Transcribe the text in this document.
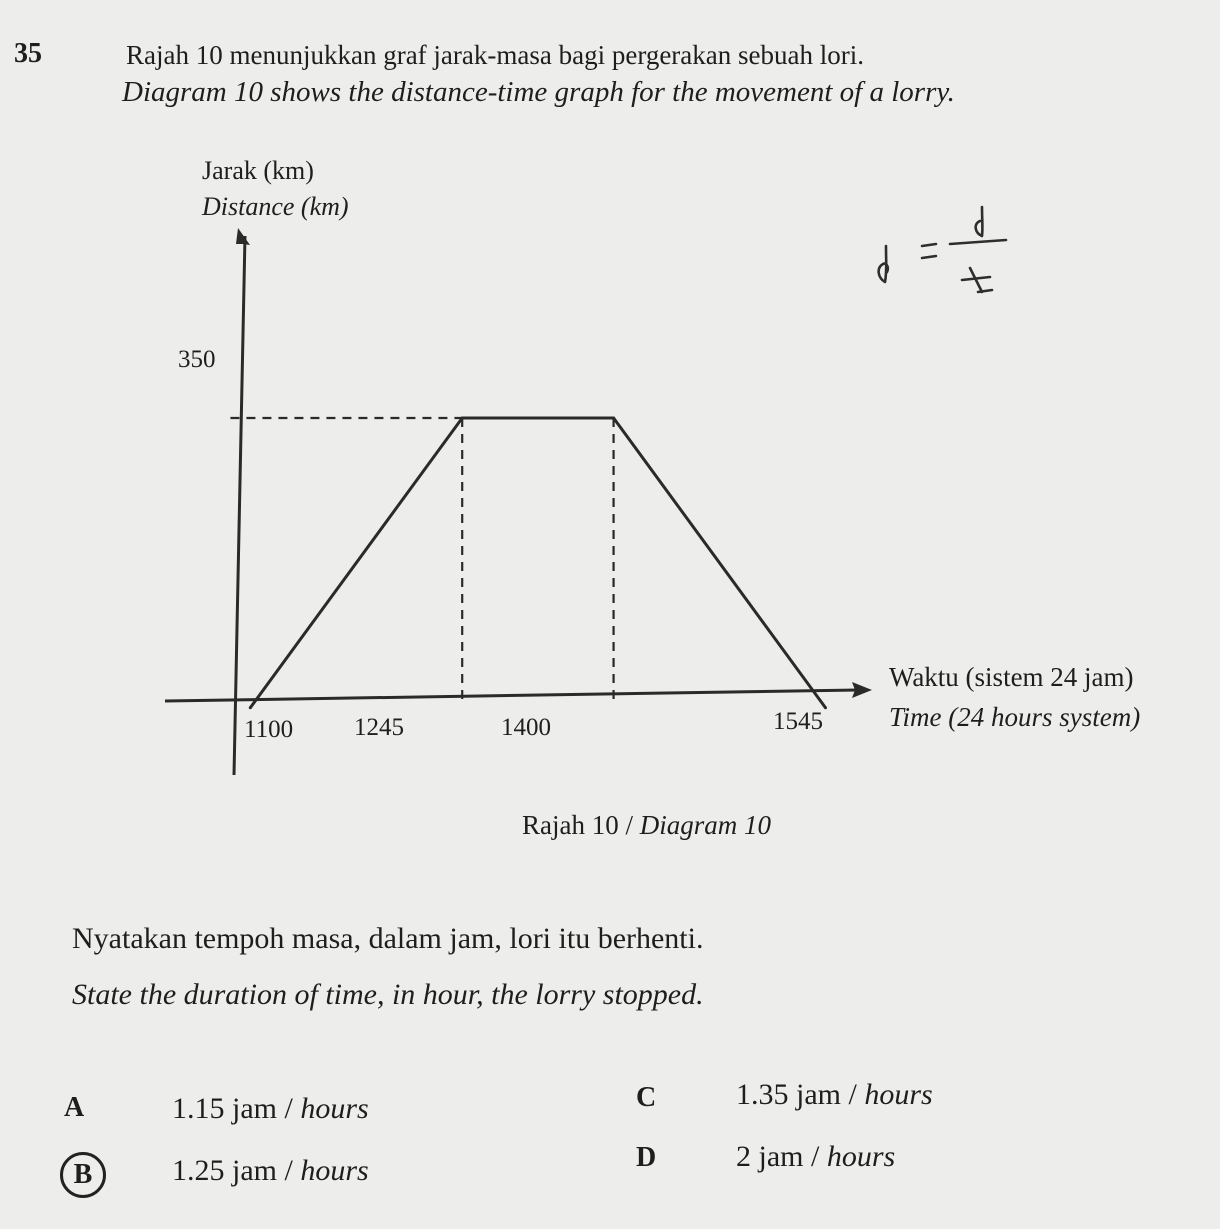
35	Rajah 10 menunjukkan graf jarak-masa bagi pergerakan sebuah lori.
Diagram 10 shows the distance-time graph for the movement of a lorry.
Jarak (km)
Distance (km)
350
1100 1245	1400	1545
Waktu (sistem 24 jam)
Time (24 hours system)
Rajah 10 / Diagram 10
Nyatakan tempoh masa, dalam jam, lori itu berhenti.
State the duration of time, in hour, the lorry stopped.
A	1.15 jam / hours
B	1.25 jam / hours
C	1.35 jam / hours
D	2 jam / hours
